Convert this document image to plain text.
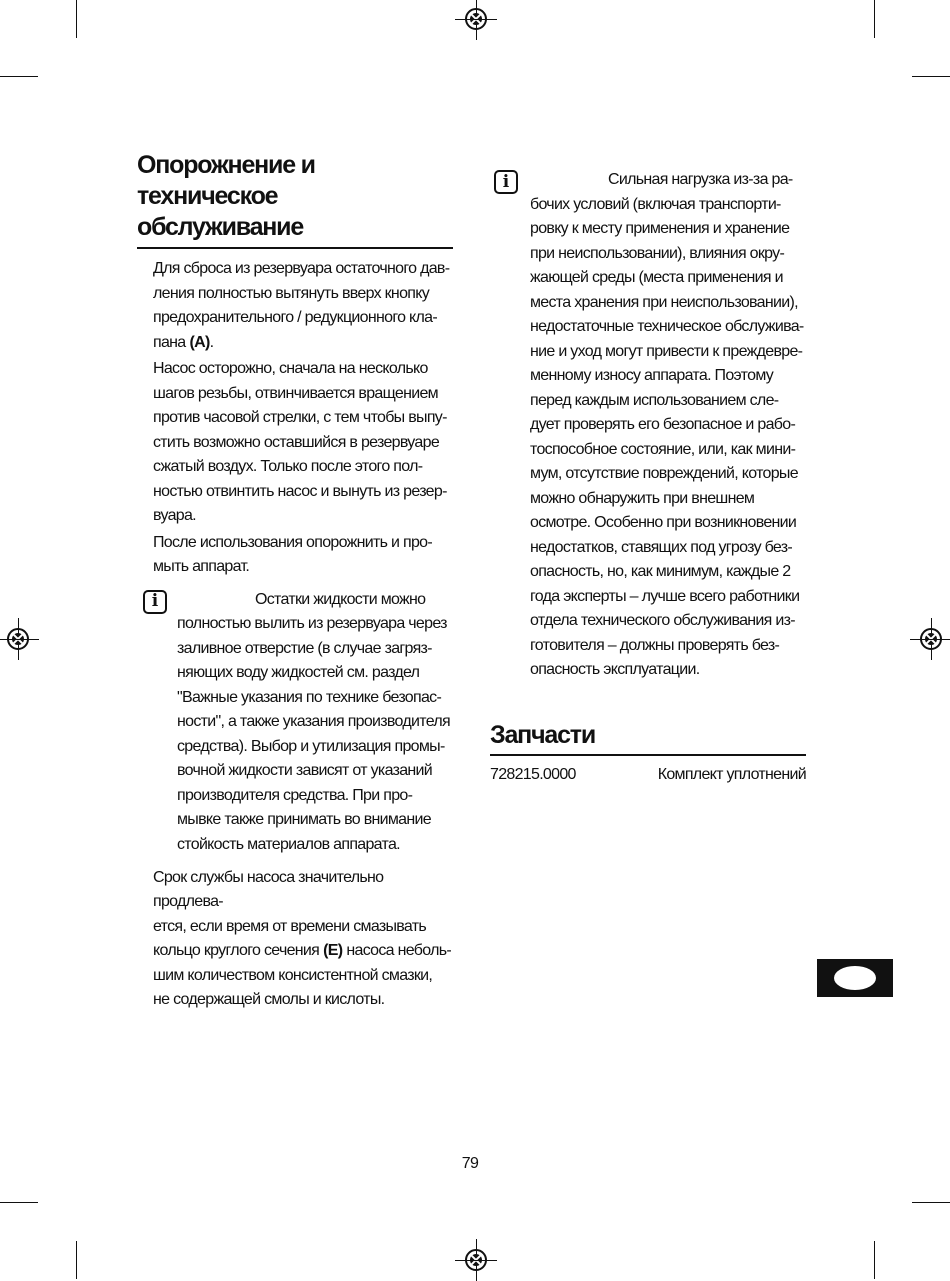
Опорожнение и техническое
обслуживание

Для сброса из резервуара остаточного дав-
ления полностью вытянуть вверх кнопку
предохранительного / редукционного кла-
пана (A).

Насос осторожно, сначала на несколько
шагов резьбы, отвинчивается вращением
против часовой стрелки, с тем чтобы выпу-
стить возможно оставшийся в резервуаре
сжатый воздух. Только после этого пол-
ностью отвинтить насос и вынуть из резер-
вуара.

После использования опорожнить и про-
мыть аппарат.

i	Остатки жидкости можно
полностью вылить из резервуара через
заливное отверстие (в случае загряз-
няющих воду жидкостей см. раздел
"Важные указания по технике безопас-
ности", а также указания производителя
средства). Выбор и утилизация промы-
вочной жидкости зависят от указаний
производителя средства. При про-
мывке также принимать во внимание
стойкость материалов аппарата.

Срок службы насоса значительно продлева-
ется, если время от времени смазывать
кольцо круглого сечения (E) насоса неболь-
шим количеством консистентной смазки,
не содержащей смолы и кислоты.

i	Сильная нагрузка из-за ра-
бочих условий (включая транспорти-
ровку к месту применения и хранение
при неиспользовании), влияния окру-
жающей среды (места применения и
места хранения при неиспользовании),
недостаточные техническое обслужива-
ние и уход могут привести к преждевре-
менному износу аппарата. Поэтому
перед каждым использованием сле-
дует проверять его безопасное и рабо-
тоспособное состояние, или, как мини-
мум, отсутствие повреждений, которые
можно обнаружить при внешнем
осмотре. Особенно при возникновении
недостатков, ставящих под угрозу без-
опасность, но, как минимум, каждые 2
года эксперты – лучше всего работники
отдела технического обслуживания из-
готовителя – должны проверять без-
опасность эксплуатации.

Запчасти
728215.0000	Комплект уплотнений
79
